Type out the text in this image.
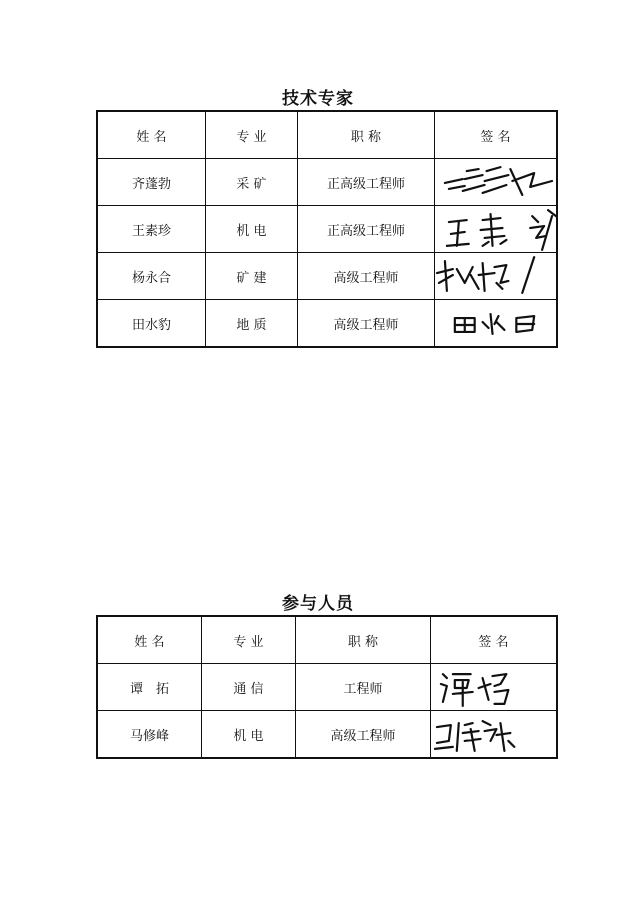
技术专家
姓 名	专 业	职 称	签 名
齐蓬勃	采 矿	正高级工程师	

王素珍	机 电	正高级工程师	

杨永合	矿 建	高级工程师	

田水豹	地 质	高级工程师	
参与人员
姓 名	专 业	职 称	签 名
谭　拓	通 信	工程师	

马修峰	机 电	高级工程师	
